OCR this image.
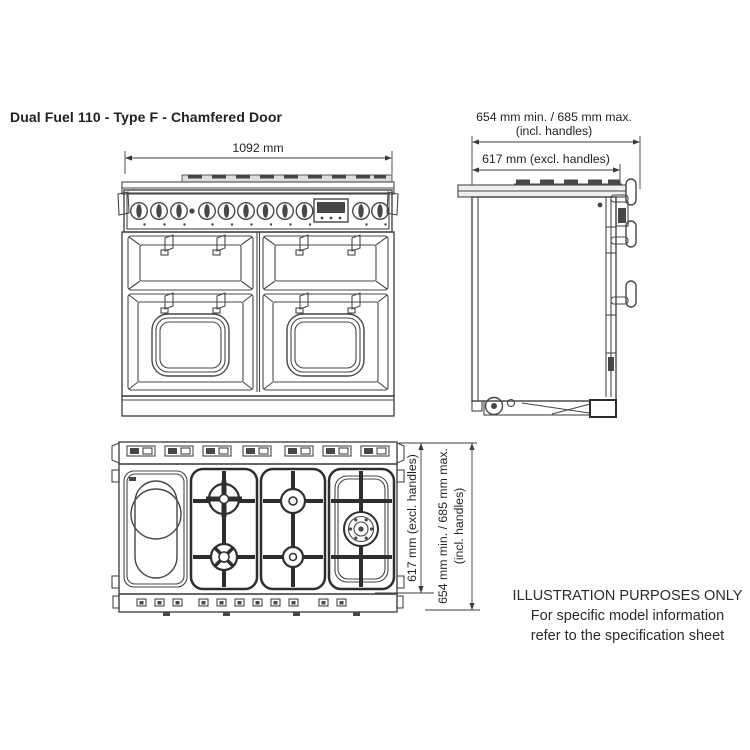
Dual Fuel 110 - Type F - Chamfered Door
1092 mm
654 mm min. / 685 mm max.
(incl. handles)
617 mm (excl. handles)
617 mm (excl. handles) 654 mm min. / 685 mm max. (incl. handles)
ILLUSTRATION PURPOSES ONLY
For specific model information
refer to the specification sheet
